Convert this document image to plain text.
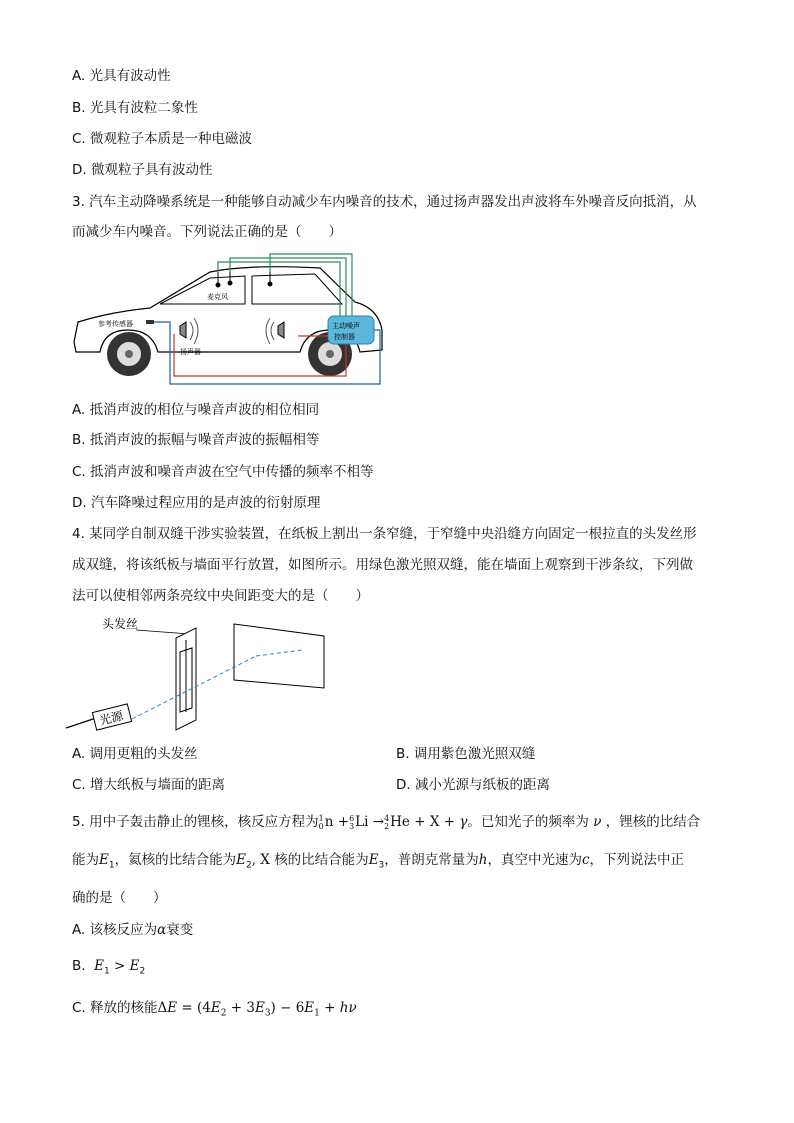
A. 光具有波动性
B. 光具有波粒二象性
C. 微观粒子本质是一种电磁波
D. 微观粒子具有波动性
3. 汽车主动降噪系统是一种能够自动减少车内噪音的技术，通过扬声器发出声波将车外噪音反向抵消，从
而减少车内噪音。下列说法正确的是（　　）
麦克风
主动噪声
控制器
参考传感器
扬声器
A. 抵消声波的相位与噪音声波的相位相同
B. 抵消声波的振幅与噪音声波的振幅相等
C. 抵消声波和噪音声波在空气中传播的频率不相等
D. 汽车降噪过程应用的是声波的衍射原理
4. 某同学自制双缝干涉实验装置，在纸板上割出一条窄缝，于窄缝中央沿缝方向固定一根拉直的头发丝形
成双缝，将该纸板与墙面平行放置，如图所示。用绿色激光照双缝，能在墙面上观察到干涉条纹，下列做
法可以使相邻两条亮纹中央间距变大的是（　　）
头发丝
光源
A. 调用更粗的头发丝	B. 调用紫色激光照双缝
C. 增大纸板与墙面的距离	D. 减小光源与纸板的距离
5. 用中子轰击静止的锂核，核反应方程为 1
0 n + 6
3 Li → 4
2 He + X + γ。已知光子的频率为 ν ，锂核的比结合
能为$E_1$，氦核的比结合能为$E_2$, X 核的比结合能为$E_3$，普朗克常量为h，真空中光速为c，下列说法中正
确的是（　　）
A. 该核反应为α衰变
B. $E_1 > E_2$
C. 释放的核能$\Delta E = (4E_2 + 3E_3) - 6E_1 + h\nu$
